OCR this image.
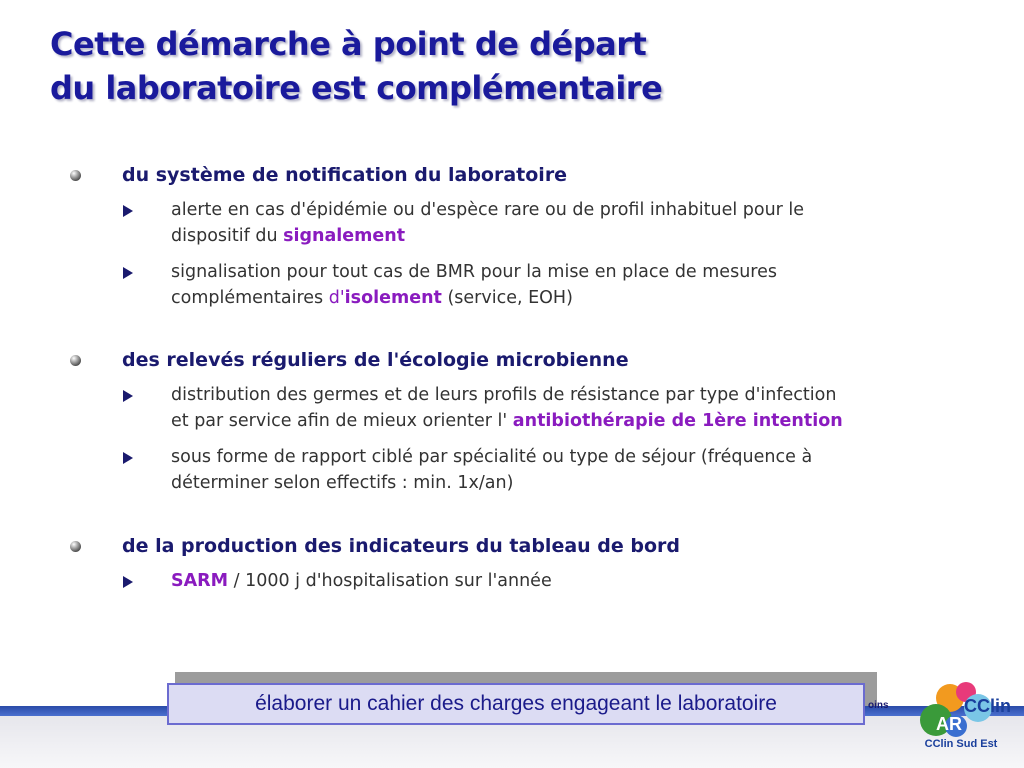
Cette démarche à point de départ
du laboratoire est complémentaire
du système de notification du laboratoire
alerte en cas d'épidémie ou d'espèce rare ou de profil inhabituel pour le
dispositif du signalement
signalisation pour tout cas de BMR pour la mise en place de mesures
complémentaires d'isolement (service, EOH)
des relevés réguliers de l'écologie microbienne
distribution des germes et de leurs profils de résistance par type d'infection
et par service afin de mieux orienter l' antibiothérapie de 1ère intention
sous forme de rapport ciblé par spécialité ou type de séjour (fréquence à
déterminer selon effectifs : min. 1x/an)
de la production des indicateurs du tableau de bord
SARM / 1000 j d'hospitalisation sur l'année
élaborer un cahier des charges engageant le laboratoire	oins	CClin
AR
CClin Sud Est
